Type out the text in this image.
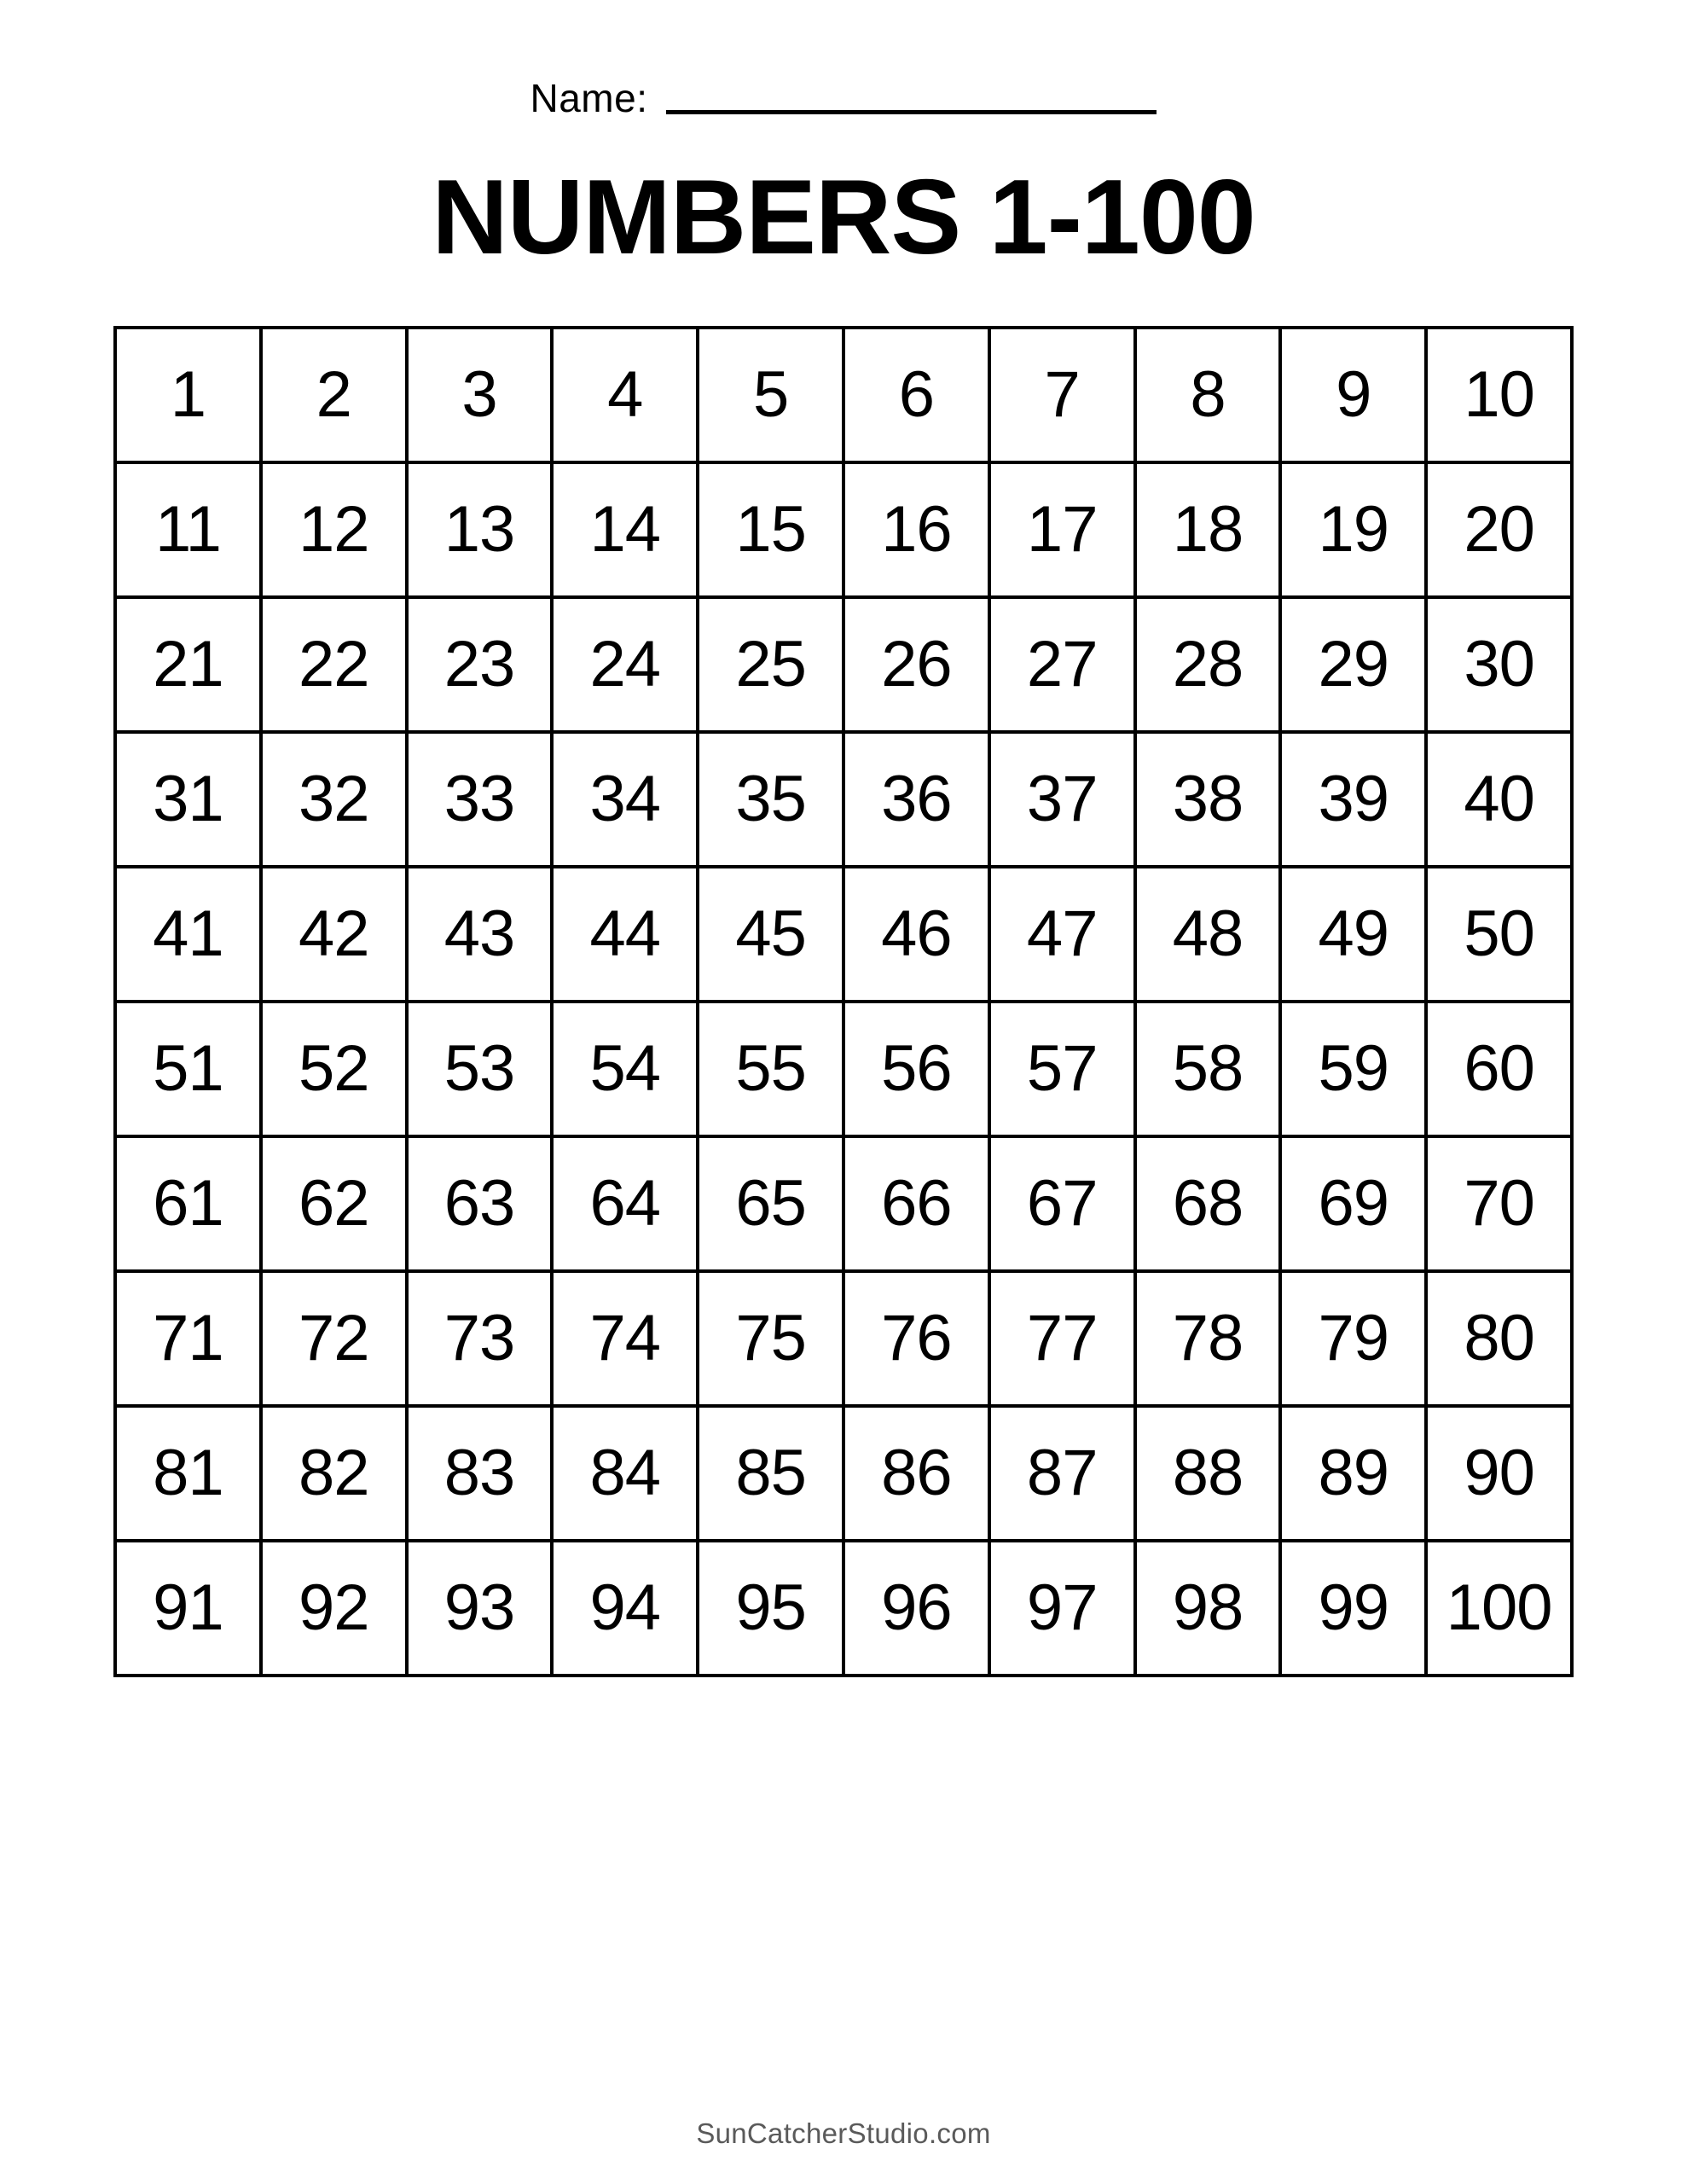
Name:
NUMBERS 1-100
1	2	3	4	5	6	7	8	9	10
11	12	13	14	15	16	17	18	19	20
21	22	23	24	25	26	27	28	29	30
31	32	33	34	35	36	37	38	39	40
41	42	43	44	45	46	47	48	49	50
51	52	53	54	55	56	57	58	59	60
61	62	63	64	65	66	67	68	69	70
71	72	73	74	75	76	77	78	79	80
81	82	83	84	85	86	87	88	89	90
91	92	93	94	95	96	97	98	99	100
SunCatcherStudio.com
